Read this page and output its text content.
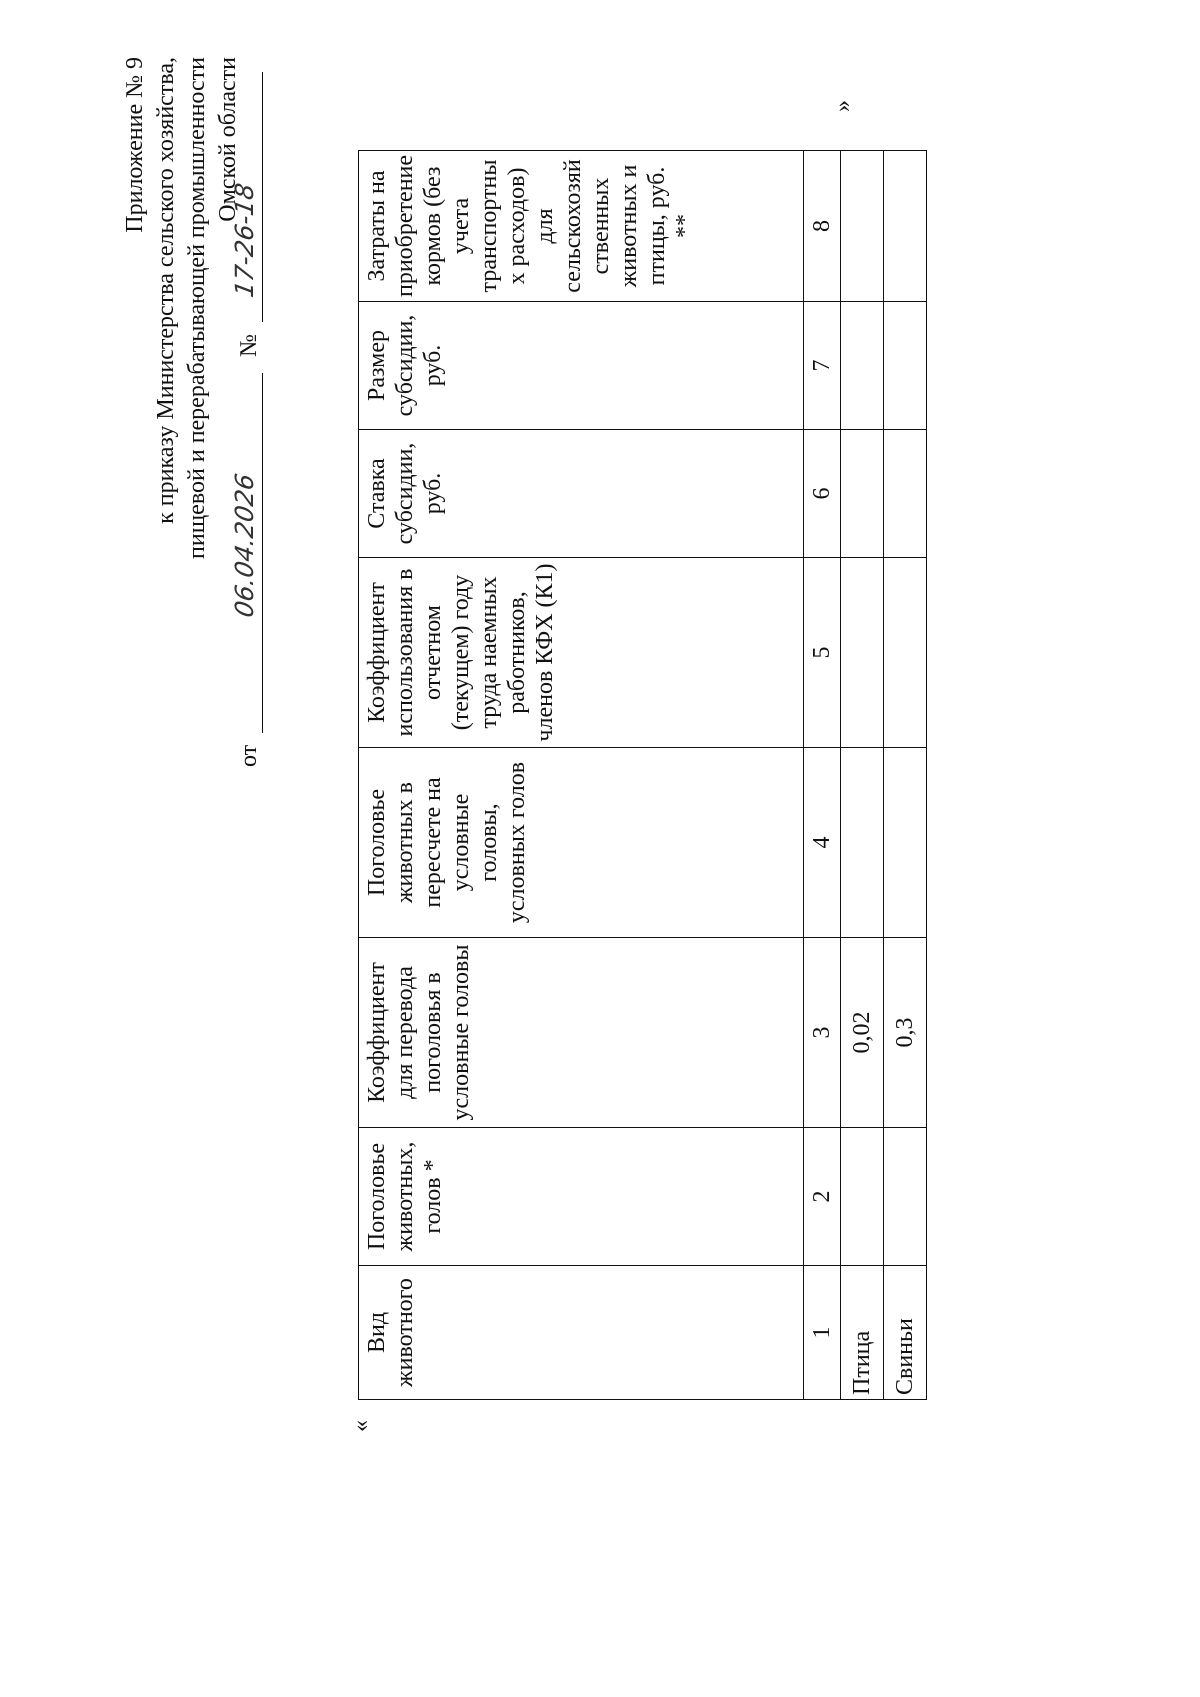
Приложение № 9 к приказу Министерства сельского хозяйства, пищевой и перерабатывающей промышленности Омской области
от
06.04.2026
№
17-26-18
«
Вид животного	Поголовье животных, голов *	Коэффициент для перевода поголовья в условные головы	Поголовье животных в пересчете на условные головы, условных голов	Коэффициент использования в отчетном (текущем) году труда наемных работников, членов КФХ (К1)	Ставка субсидии, руб.	Размер субсидии, руб.	Затраты на приобретение кормов (без учета транспортны х расходов) для сельскохозяй ственных животных и птицы, руб. **
1	2	3	4	5	6	7	8
Птица		0,02					
Свиньи		0,3					
»
